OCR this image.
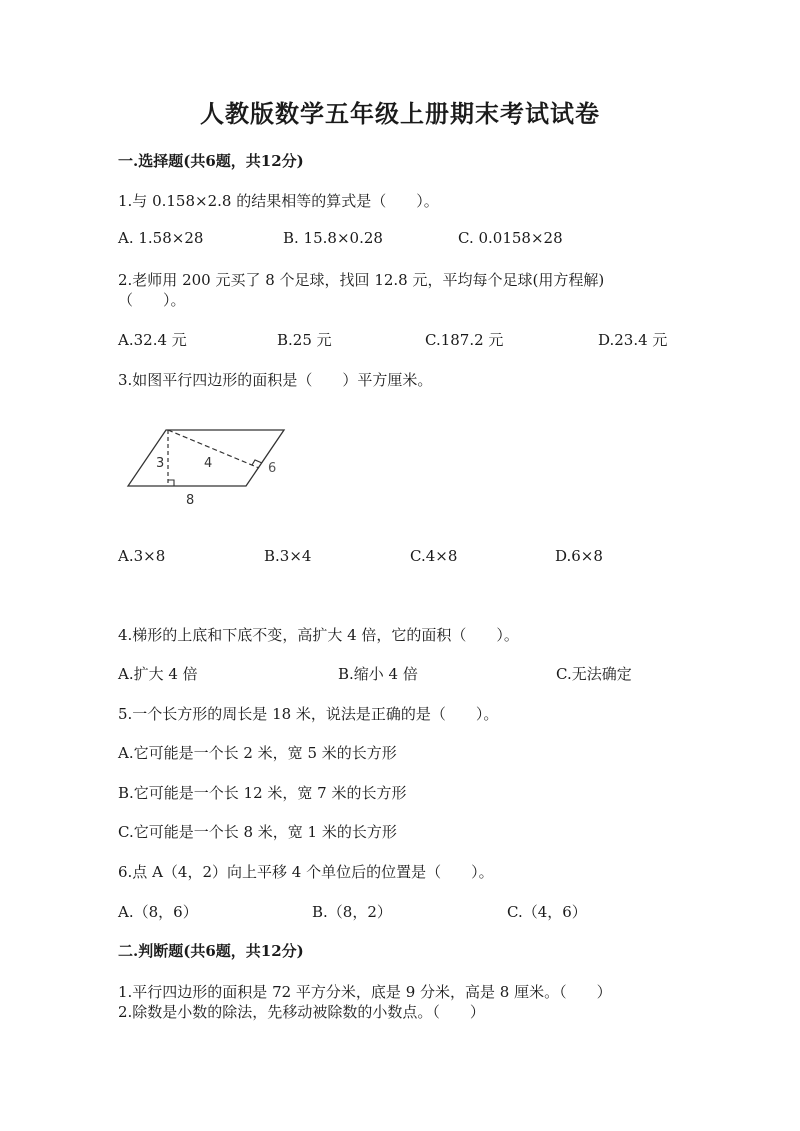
人教版数学五年级上册期末考试试卷
一.选择题(共6题，共12分)
1.与 0.158×2.8 的结果相等的算式是（　　）。
A. 1.58×28	B. 15.8×0.28	C. 0.0158×28
2.老师用 200 元买了 8 个足球，找回 12.8 元，平均每个足球(用方程解)
（　　）。
A.32.4 元	B.25 元	C.187.2 元	D.23.4 元
3.如图平行四边形的面积是（　　）平方厘米。
3	4	6
8
A.3×8	B.3×4	C.4×8	D.6×8
4.梯形的上底和下底不变，高扩大 4 倍，它的面积（　　）。
A.扩大 4 倍	B.缩小 4 倍	C.无法确定
5.一个长方形的周长是 18 米，说法是正确的是（　　）。
A.它可能是一个长 2 米，宽 5 米的长方形
B.它可能是一个长 12 米，宽 7 米的长方形
C.它可能是一个长 8 米，宽 1 米的长方形
6.点 A（4，2）向上平移 4 个单位后的位置是（　　）。
A.（8，6）	B.（8，2）	C.（4，6）
二.判断题(共6题，共12分)
1.平行四边形的面积是 72 平方分米，底是 9 分米，高是 8 厘米。（　　）
2.除数是小数的除法，先移动被除数的小数点。（　　）
